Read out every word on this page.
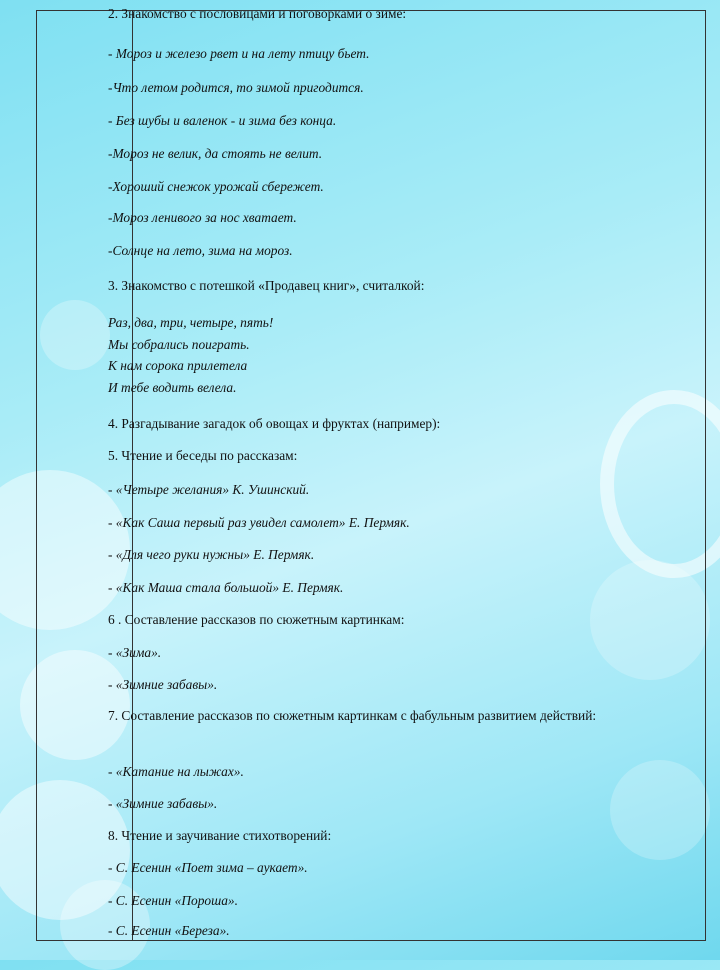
2. Знакомство с пословицами и поговорками о зиме:
- Мороз и железо рвет и на лету птицу бьет.
-Что летом родится, то зимой пригодится.
- Без шубы и валенок - и зима без конца.
-Мороз не велик, да стоять не велит.
-Хороший снежок урожай сбережет.
-Мороз ленивого за нос хватает.
-Солнце на лето, зима на мороз.
3. Знакомство с потешкой «Продавец книг», считалкой:
Раз, два, три, четыре, пять!
Мы собрались поиграть.
К нам сорока прилетела
И тебе водить велела.
4. Разгадывание загадок об овощах и фруктах (например):
5. Чтение и беседы по рассказам:
- «Четыре желания» К. Ушинский.
- «Как Саша первый раз увидел самолет» Е. Пермяк.
- «Для чего руки нужны» Е. Пермяк.
- «Как Маша стала большой» Е. Пермяк.
6 . Составление рассказов по сюжетным картинкам:
- «Зима».
- «Зимние забавы».
7. Составление рассказов по сюжетным картинкам с фабульным развитием действий:
- «Катание на лыжах».
- «Зимние забавы».
8. Чтение и заучивание стихотворений:
- С. Есенин «Поет зима – аукает».
- С. Есенин «Пороша».
- С. Есенин «Береза».
